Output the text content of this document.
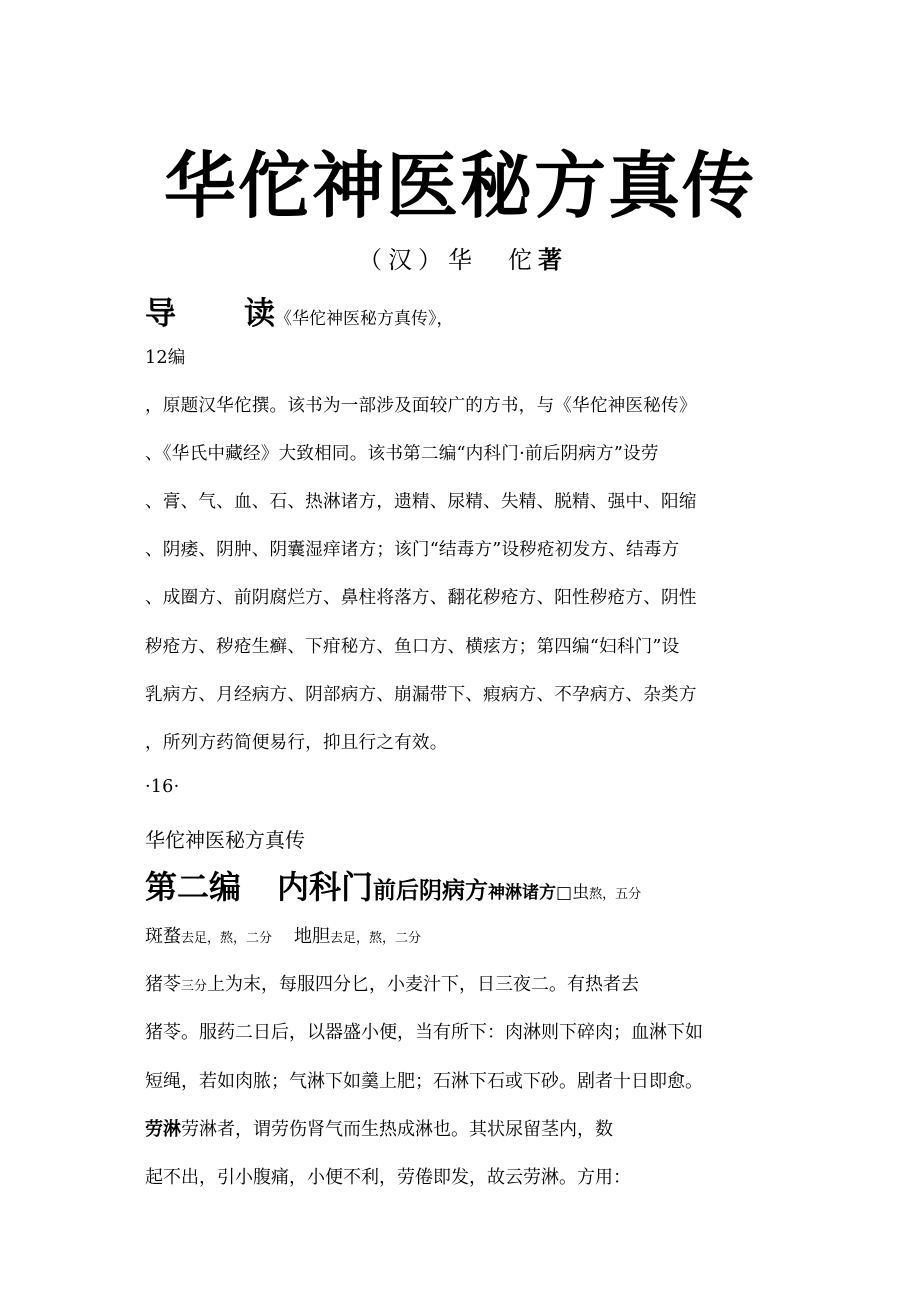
华佗神医秘方真传
（汉）华　佗著
导 读《华佗神医秘方真传》，
12编
，原题汉华佗撰。该书为一部涉及面较广的方书，与《华佗神医秘传》
、《华氏中藏经》大致相同。该书第二编“内科门·前后阴病方”设劳
、膏、气、血、石、热淋诸方，遗精、尿精、失精、脱精、强中、阳缩
、阴痿、阴肿、阴囊湿痒诸方；该门“结毒方”设秽疮初发方、结毒方
、成圈方、前阴腐烂方、鼻柱将落方、翻花秽疮方、阳性秽疮方、阴性
秽疮方、秽疮生癣、下疳秘方、鱼口方、横痃方；第四编“妇科门”设
乳病方、月经病方、阴部病方、崩漏带下、瘕病方、不孕病方、杂类方
，所列方药简便易行，抑且行之有效。
·16·
华佗神医秘方真传
第二编 内科门前后阴病方神淋诸方□虫熬，五分
斑蝥去足，熬，二分 地胆去足，熬，二分
猪苓三分上为末，每服四分匕，小麦汁下，日三夜二。有热者去
猪苓。服药二日后，以器盛小便，当有所下：肉淋则下碎肉；血淋下如
短绳，若如肉脓；气淋下如羹上肥；石淋下石或下砂。剧者十日即愈。
劳淋劳淋者，谓劳伤肾气而生热成淋也。其状尿留茎内，数
起不出，引小腹痛，小便不利，劳倦即发，故云劳淋。方用：
